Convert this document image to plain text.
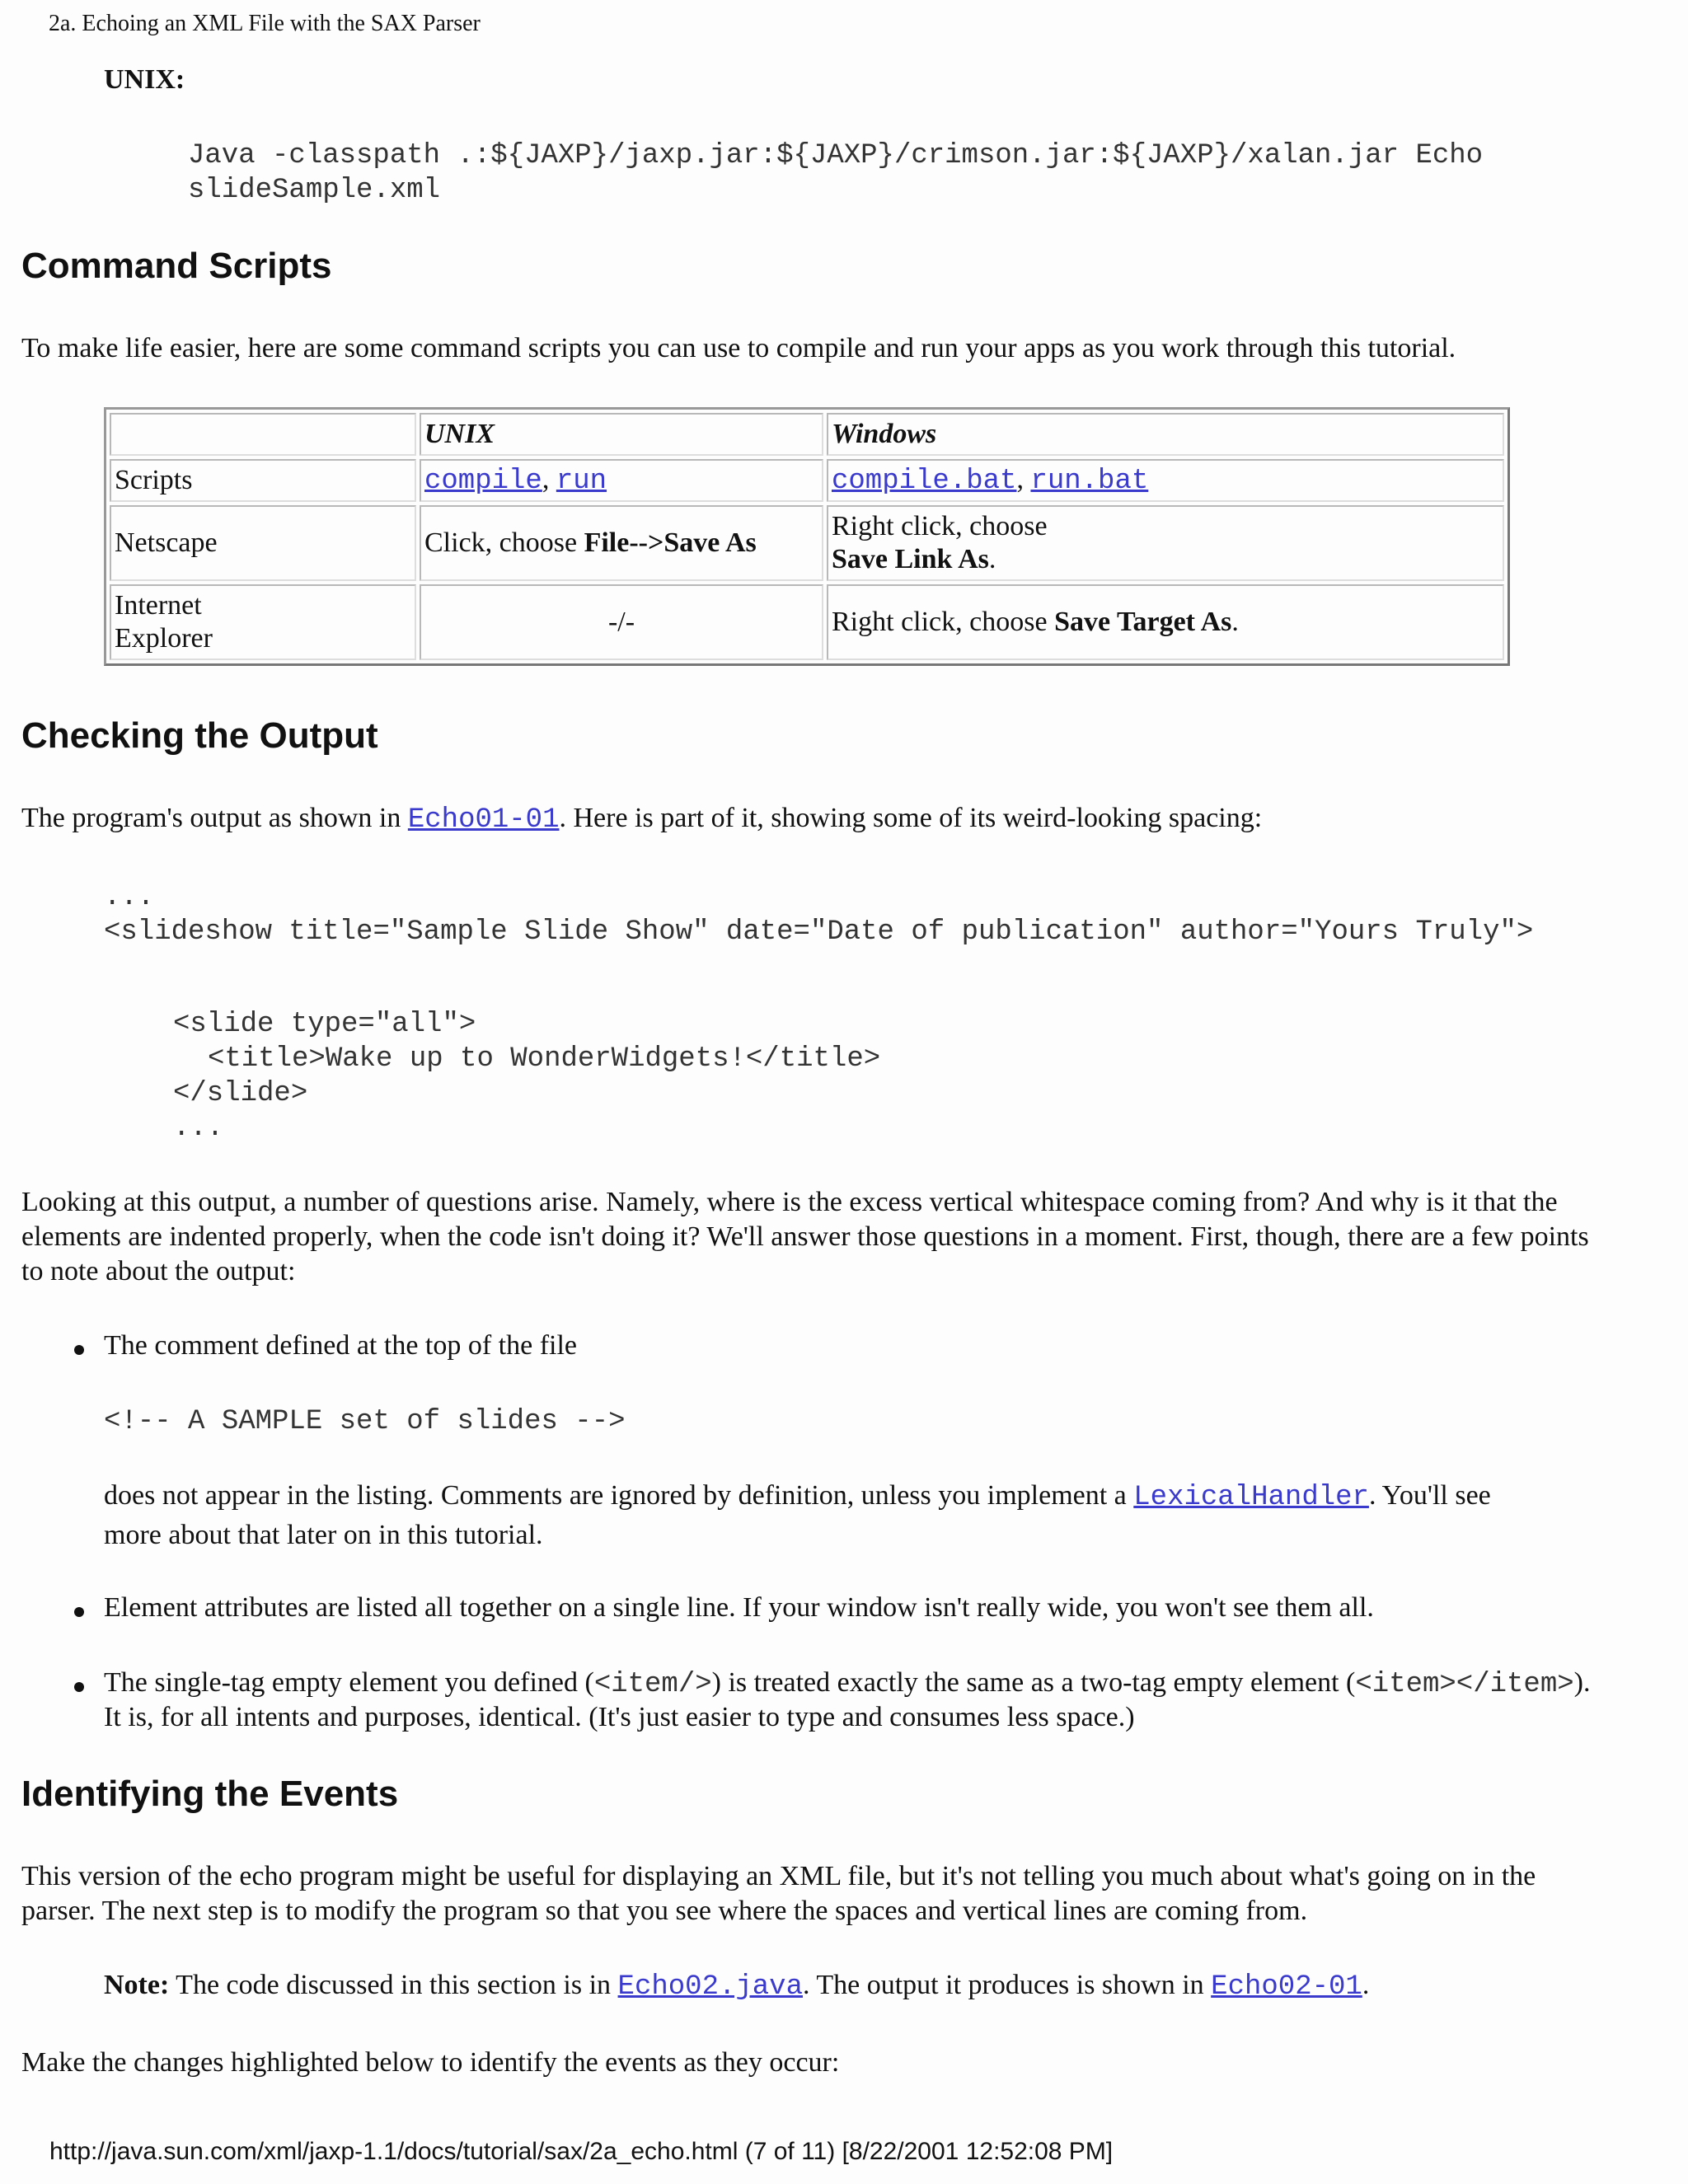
2a. Echoing an XML File with the SAX Parser
UNIX:
Java -classpath .:${JAXP}/jaxp.jar:${JAXP}/crimson.jar:${JAXP}/xalan.jar Echo
slideSample.xml
Command Scripts
To make life easier, here are some command scripts you can use to compile and run your apps as you work through this tutorial.
	UNIX	Windows
Scripts	compile, run	compile.bat, run.bat
Netscape	Click, choose File-->Save As	Right click, choose
Save Link As.
Internet
Explorer	-/-	Right click, choose Save Target As.
Checking the Output
The program's output as shown in Echo01-01. Here is part of it, showing some of its weird-looking spacing:
...
<slideshow title="Sample Slide Show" date="Date of publication" author="Yours Truly">
<slide type="all">
<title>Wake up to WonderWidgets!</title>
</slide>
...
Looking at this output, a number of questions arise. Namely, where is the excess vertical whitespace coming from? And why is it that the
elements are indented properly, when the code isn't doing it? We'll answer those questions in a moment. First, though, there are a few points
to note about the output:
The comment defined at the top of the file
<!-- A SAMPLE set of slides -->
does not appear in the listing. Comments are ignored by definition, unless you implement a LexicalHandler. You'll see
more about that later on in this tutorial.
Element attributes are listed all together on a single line. If your window isn't really wide, you won't see them all.
The single-tag empty element you defined (<item/>) is treated exactly the same as a two-tag empty element (<item></item>).
It is, for all intents and purposes, identical. (It's just easier to type and consumes less space.)
Identifying the Events
This version of the echo program might be useful for displaying an XML file, but it's not telling you much about what's going on in the
parser. The next step is to modify the program so that you see where the spaces and vertical lines are coming from.
Note: The code discussed in this section is in Echo02.java. The output it produces is shown in Echo02-01.
Make the changes highlighted below to identify the events as they occur:
http://java.sun.com/xml/jaxp-1.1/docs/tutorial/sax/2a_echo.html (7 of 11) [8/22/2001 12:52:08 PM]
